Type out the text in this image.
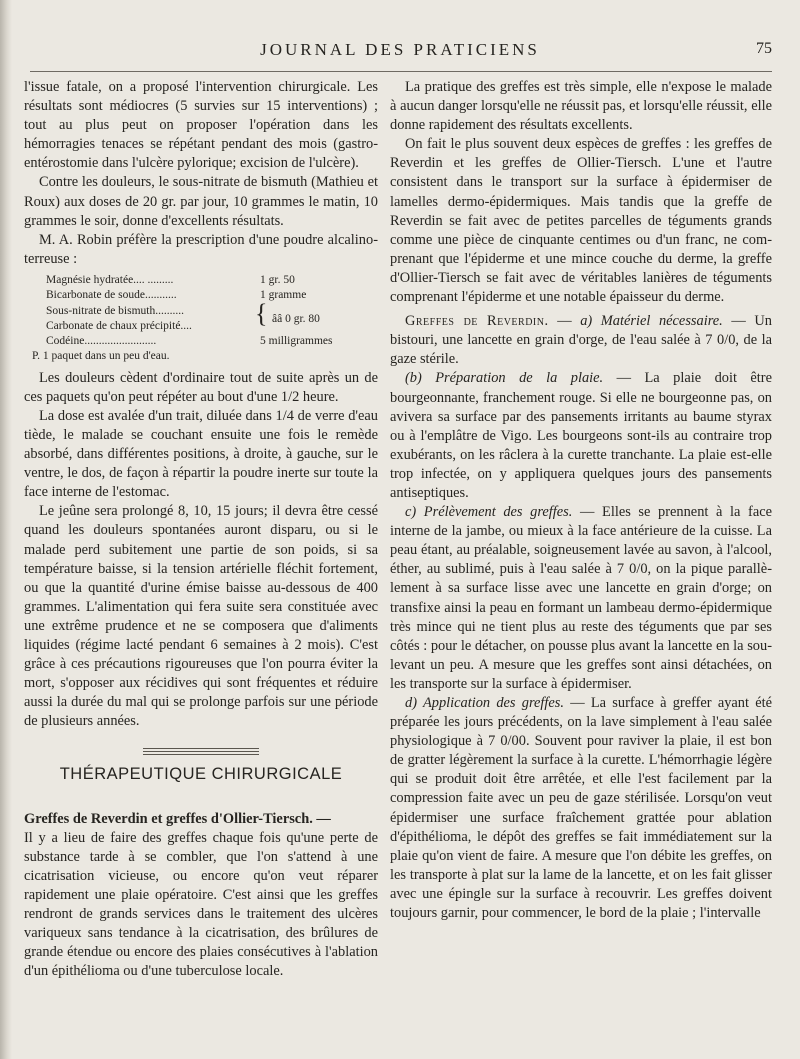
JOURNAL DES PRATICIENS	75

l'issue fatale, on a proposé l'intervention chirurgicale. Les résultats sont médiocres (5 survies sur 15 interventions) ; tout au plus peut on proposer l'opération dans les hémorragies tenaces se répétant pendant des mois (gastro-entérostomie dans l'ulcère pylorique; excision de l'ulcère).

Contre les douleurs, le sous-nitrate de bismuth (Mathieu et Roux) aux doses de 20 gr. par jour, 10 grammes le matin, 10 grammes le soir, donne d'excellents résultats.

M. A. Robin préfère la prescription d'une poudre alcalino-terreuse :

Magnésie hydratée.... .........	1 gr. 50
Bicarbonate de soude...........	1 gramme
Sous-nitrate de bismuth..........
Carbonate de chaux précipité....	{ ââ 0 gr. 80
Codéine.........................	5 milligrammes
P. 1 paquet dans un peu d'eau.

Les douleurs cèdent d'ordinaire tout de suite après un de ces paquets qu'on peut répéter au bout d'une 1/2 heure.

La dose est avalée d'un trait, diluée dans 1/4 de verre d'eau tiède, le malade se couchant ensuite une fois le remède absorbé, dans différentes positions, à droite, à gauche, sur le ventre, le dos, de façon à répartir la poudre inerte sur toute la face interne de l'estomac.

Le jeûne sera prolongé 8, 10, 15 jours; il devra être cessé quand les douleurs spontanées auront disparu, ou si le malade perd subitement une partie de son poids, si sa température baisse, si la tension artérielle fléchit fortement, ou que la quantité d'urine émise baisse au-dessous de 400 grammes. L'alimentation qui fera suite sera constituée avec une extrême prudence et ne se composera que d'aliments liquides (régime lacté pendant 6 semaines à 2 mois). C'est grâce à ces précautions rigoureuses que l'on pourra éviter la mort, s'opposer aux récidives qui sont fréquentes et réduire aussi la durée du mal qui se prolonge parfois sur une période de plusieurs années.

THÉRAPEUTIQUE CHIRURGICALE

Greffes de Reverdin et greffes d'Ollier-Tiersch. —

Il y a lieu de faire des greffes chaque fois qu'une perte de substance tarde à se combler, que l'on s'attend à une cicatrisation vicieuse, ou encore qu'on veut réparer rapidement une plaie opératoire. C'est ainsi que les greffes rendront de grands services dans le traitement des ulcères variqueux sans tendance à la cicatrisation, des brûlures de grande étendue ou encore des plaies consécutives à l'ablation d'un épithélioma ou d'une tuberculose locale.

La pratique des greffes est très simple, elle n'expose le malade à aucun danger lorsqu'elle ne réussit pas, et lorsqu'elle réussit, elle donne rapidement des résultats excellents.

On fait le plus souvent deux espèces de greffes : les greffes de Reverdin et les greffes de Ollier-Tiersch. L'une et l'autre consistent dans le transport sur la surface à épidermiser de lamelles dermo-épidermiques. Mais tandis que la greffe de Reverdin se fait avec de petites parcelles de téguments grands comme une pièce de cinquante centimes ou d'un franc, ne comprenant que l'épiderme et une mince couche du derme, la greffe d'Ollier-Tiersch se fait avec de véritables lanières de téguments comprenant l'épiderme et une notable épaisseur du derme.

Greffes de Reverdin. — a) Matériel nécessaire. — Un bistouri, une lancette en grain d'orge, de l'eau salée à 7 0/0, de la gaze stérile.

(b) Préparation de la plaie. — La plaie doit être bourgeonnante, franchement rouge. Si elle ne bourgeonne pas, on avivera sa surface par des pansements irritants au baume styrax ou à l'emplâtre de Vigo. Les bourgeons sont-ils au contraire trop exubérants, on les râclera à la curette tranchante. La plaie est-elle trop infectée, on y appliquera quelques jours des pansements antiseptiques.

c) Prélèvement des greffes. — Elles se prennent à la face interne de la jambe, ou mieux à la face antérieure de la cuisse. La peau étant, au préalable, soigneusement lavée au savon, à l'alcool, éther, au sublimé, puis à l'eau salée à 7 0/0, on la pique parallèlement à sa surface lisse avec une lancette en grain d'orge; on transfixe ainsi la peau en formant un lambeau dermo-épidermique très mince qui ne tient plus au reste des téguments que par ses côtés : pour le détacher, on pousse plus avant la lancette en la soulevant un peu. A mesure que les greffes sont ainsi détachées, on les transporte sur la surface à épidermiser.

d) Application des greffes. — La surface à greffer ayant été préparée les jours précédents, on la lave simplement à l'eau salée physiologique à 7 0/00. Souvent pour raviver la plaie, il est bon de gratter légèrement la surface à la curette. L'hémorrhagie légère qui se produit doit être arrêtée, et elle l'est facilement par la compression faite avec un peu de gaze stérilisée. Lorsqu'on veut épidermiser une surface fraîchement grattée pour ablation d'épithélioma, le dépôt des greffes se fait immédiatement sur la plaie qu'on vient de faire. A mesure que l'on débite les greffes, on les transporte à plat sur la lame de la lancette, et on les fait glisser avec une épingle sur la surface à recouvrir. Les greffes doivent toujours garnir, pour commencer, le bord de la plaie ; l'intervalle
